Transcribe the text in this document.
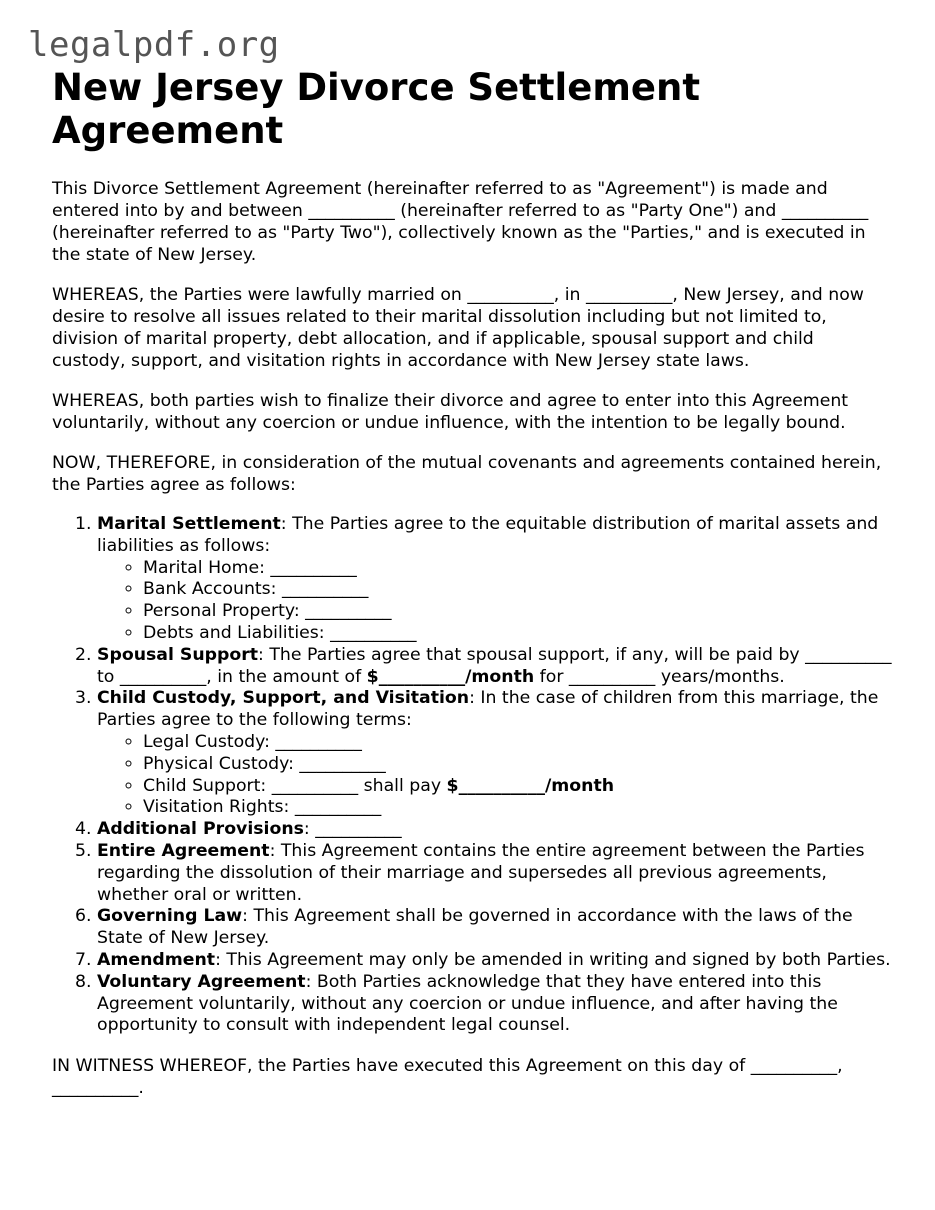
legalpdf.org
New Jersey Divorce Settlement Agreement

This Divorce Settlement Agreement (hereinafter referred to as "Agreement") is made and entered into by and between __________ (hereinafter referred to as "Party One") and __________ (hereinafter referred to as "Party Two"), collectively known as the "Parties," and is executed in the state of New Jersey.

WHEREAS, the Parties were lawfully married on __________, in __________, New Jersey, and now desire to resolve all issues related to their marital dissolution including but not limited to, division of marital property, debt allocation, and if applicable, spousal support and child custody, support, and visitation rights in accordance with New Jersey state laws.

WHEREAS, both parties wish to finalize their divorce and agree to enter into this Agreement voluntarily, without any coercion or undue influence, with the intention to be legally bound.

NOW, THEREFORE, in consideration of the mutual covenants and agreements contained herein, the Parties agree as follows:

1. Marital Settlement: The Parties agree to the equitable distribution of marital assets and liabilities as follows:
◦ Marital Home: __________
◦ Bank Accounts: __________
◦ Personal Property: __________
◦ Debts and Liabilities: __________
2. Spousal Support: The Parties agree that spousal support, if any, will be paid by __________ to __________, in the amount of $__________/month for __________ years/months.
3. Child Custody, Support, and Visitation: In the case of children from this marriage, the Parties agree to the following terms:
◦ Legal Custody: __________
◦ Physical Custody: __________
◦ Child Support: __________ shall pay $__________/month
◦ Visitation Rights: __________
4. Additional Provisions: __________
5. Entire Agreement: This Agreement contains the entire agreement between the Parties regarding the dissolution of their marriage and supersedes all previous agreements, whether oral or written.
6. Governing Law: This Agreement shall be governed in accordance with the laws of the State of New Jersey.
7. Amendment: This Agreement may only be amended in writing and signed by both Parties.
8. Voluntary Agreement: Both Parties acknowledge that they have entered into this Agreement voluntarily, without any coercion or undue influence, and after having the opportunity to consult with independent legal counsel.

IN WITNESS WHEREOF, the Parties have executed this Agreement on this day of __________, __________.
